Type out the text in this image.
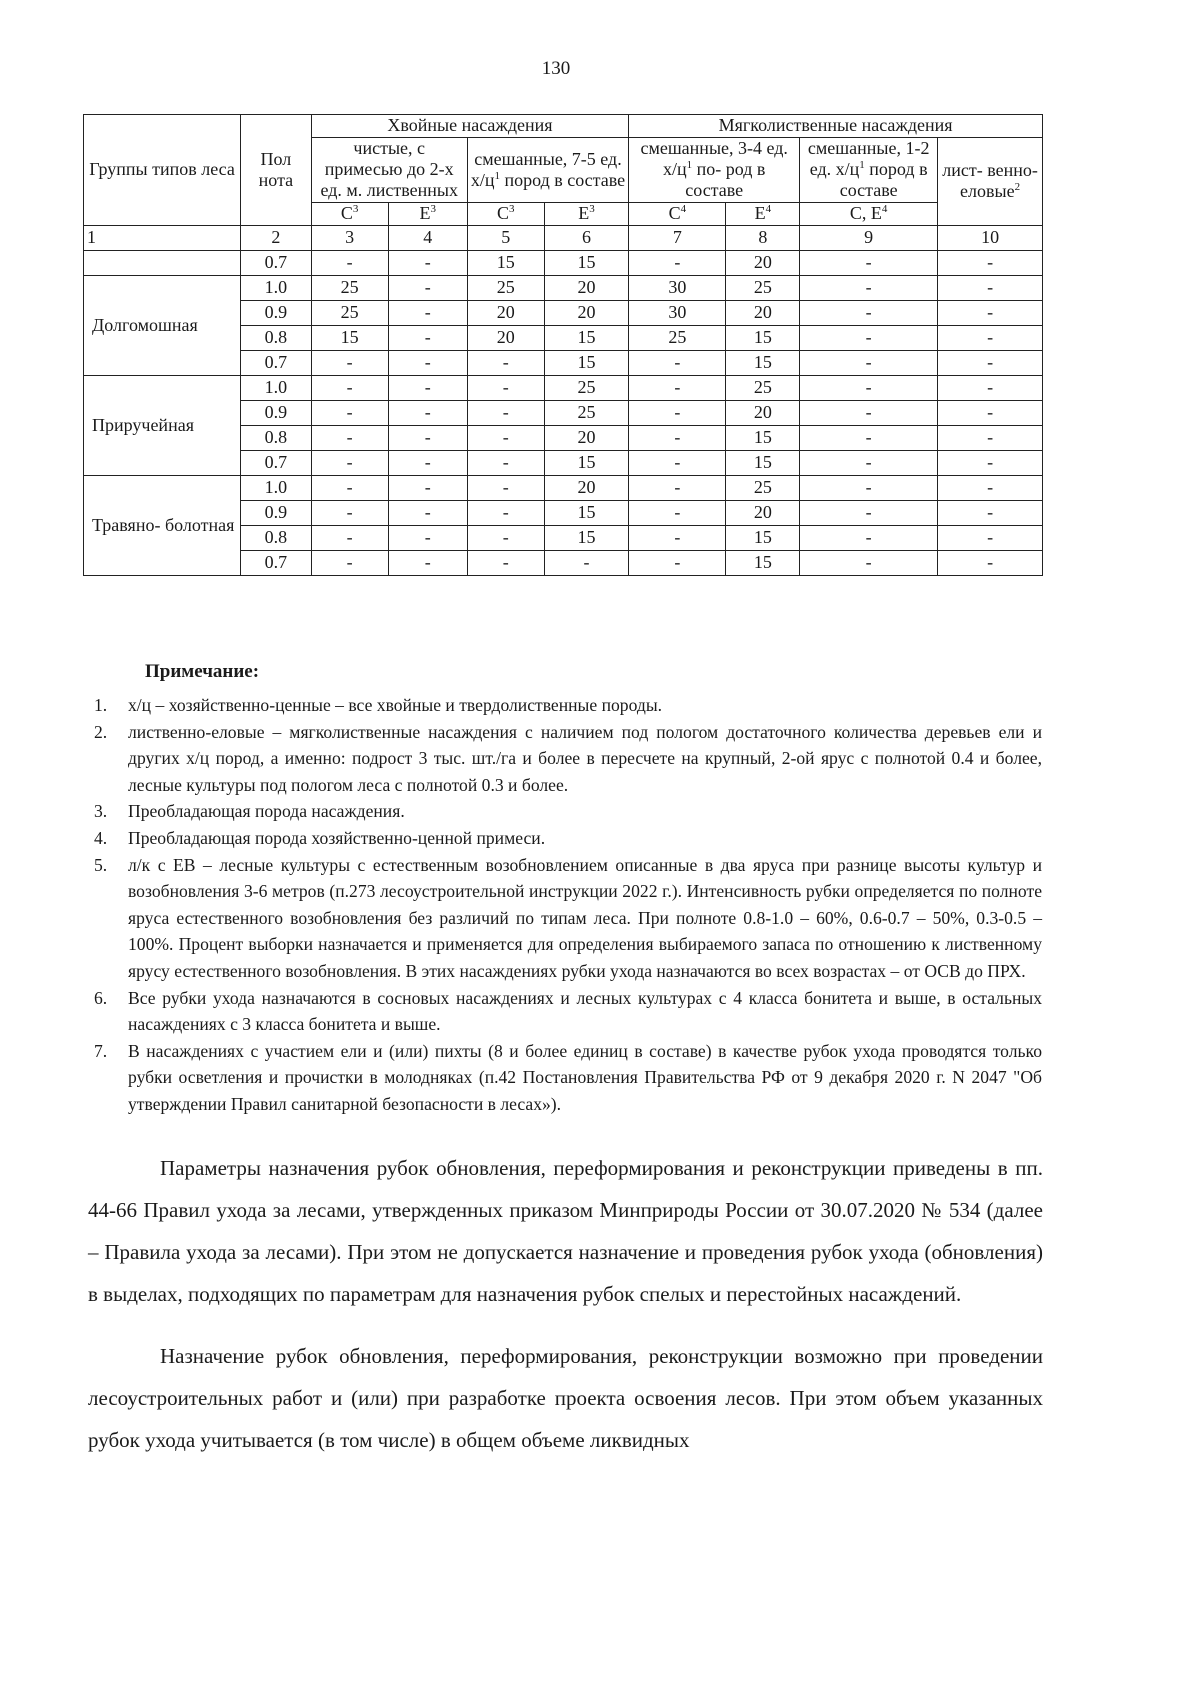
130
Группы типов леса	Пол нота	Хвойные насаждения				Мягколиственные насаждения			
		чистые, с примесью до 2-х ед. м. лиственных		смешанные, 7-5 ед. $х/ц^1$ пород в составе		смешанные, 3-4 ед. $х/ц^1$ по- род в составе		смешанные, 1-2 ед. $х/ц^1$ пород в составе	лист- венно- еловые$^2$
		$С^3$	$Е^3$	$С^3$	$Е^3$	$С^4$	$Е^4$	С, $Е^4$
1	2	3	4	5	6	7	8	9	10
	0.7	-	-	15	15	-	20	-	-
Долгомошная	1.0	25	-	25	20	30	25	-	-
	0.9	25	-	20	20	30	20	-	-
	0.8	15	-	20	15	25	15	-	-
	0.7	-	-	-	15	-	15	-	-
Приручейная	1.0	-	-	-	25	-	25	-	-
	0.9	-	-	-	25	-	20	-	-
	0.8	-	-	-	20	-	15	-	-
	0.7	-	-	-	15	-	15	-	-
Травяно- болотная	1.0	-	-	-	20	-	25	-	-
	0.9	-	-	-	15	-	20	-	-
	0.8	-	-	-	15	-	15	-	-
	0.7	-	-	-	-	-	15	-	-
Примечание:
1. х/ц – хозяйственно-ценные – все хвойные и твердолиственные породы.
2. лиственно-еловые – мягколиственные насаждения с наличием под пологом достаточного количества деревьев ели и других х/ц пород, а именно: подрост 3 тыс. шт./га и более в пересчете на крупный, 2-ой ярус с полнотой 0.4 и более, лесные культуры под пологом леса с полнотой 0.3 и более.
3. Преобладающая порода насаждения.
4. Преобладающая порода хозяйственно-ценной примеси.
5. л/к с ЕВ – лесные культуры с естественным возобновлением описанные в два яруса при разнице высоты культур и возобновления 3-6 метров (п.273 лесоустроительной инструкции 2022 г.). Интенсивность рубки определяется по полноте яруса естественного возобновления без различий по типам леса. При полноте 0.8-1.0 – 60%, 0.6-0.7 – 50%, 0.3-0.5 – 100%. Процент выборки назначается и применяется для определения выбираемого запаса по отношению к лиственному ярусу естественного возобновления. В этих насаждениях рубки ухода назначаются во всех возрастах – от ОСВ до ПРХ.
6. Все рубки ухода назначаются в сосновых насаждениях и лесных культурах с 4 класса бонитета и выше, в остальных насаждениях с 3 класса бонитета и выше.
7. В насаждениях с участием ели и (или) пихты (8 и более единиц в составе) в качестве рубок ухода проводятся только рубки осветления и прочистки в молодняках (п.42 Постановления Правительства РФ от 9 декабря 2020 г. N 2047 "Об утверждении Правил санитарной безопасности в лесах»).

Параметры назначения рубок обновления, переформирования и реконструкции приведены в пп. 44-66 Правил ухода за лесами, утвержденных приказом Минприроды России от 30.07.2020 № 534 (далее – Правила ухода за лесами). При этом не допускается назначение и проведения рубок ухода (обновления) в выделах, подходящих по параметрам для назначения рубок спелых и перестойных насаждений.

Назначение рубок обновления, переформирования, реконструкции возможно при проведении лесоустроительных работ и (или) при разработке проекта освоения лесов. При этом объем указанных рубок ухода учитывается (в том числе) в общем объеме ликвидных
